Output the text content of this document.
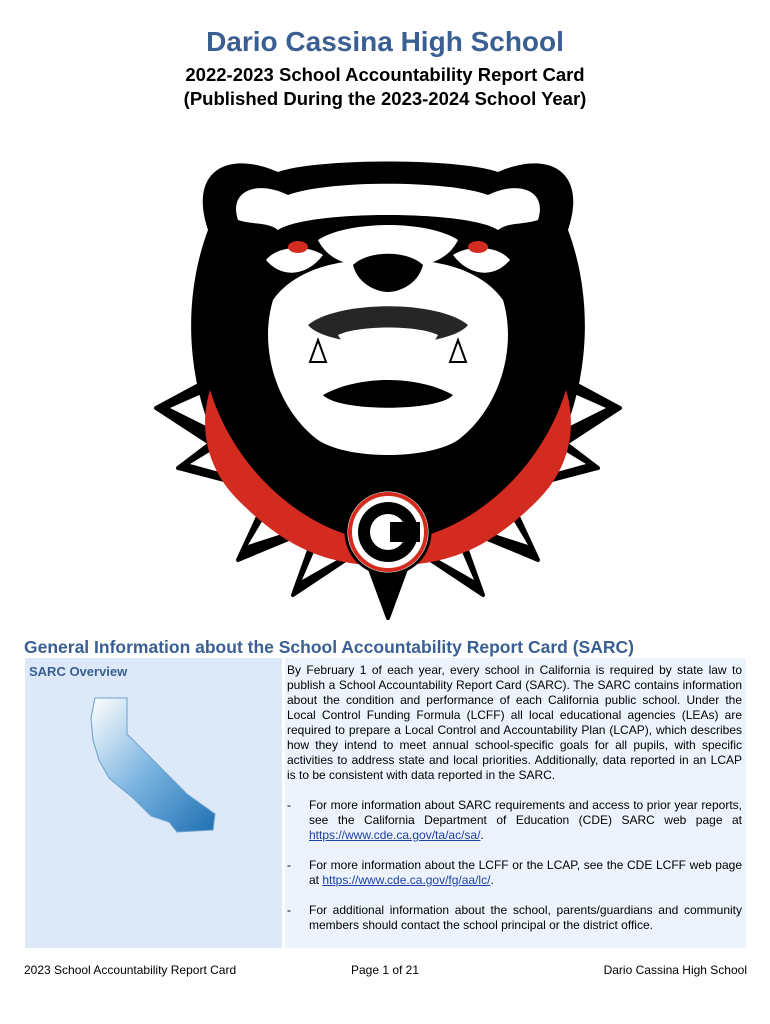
Dario Cassina High School
2022-2023 School Accountability Report Card
(Published During the 2023-2024 School Year)
General Information about the School Accountability Report Card (SARC)
SARC Overview	By February 1 of each year, every school in California is required by state law to publish a School Accountability Report Card (SARC). The SARC contains information about the condition and performance of each California public school. Under the Local Control Funding Formula (LCFF) all local educational agencies (LEAs) are required to prepare a Local Control and Accountability Plan (LCAP), which describes how they intend to meet annual school-specific goals for all pupils, with specific activities to address state and local priorities. Additionally, data reported in an LCAP is to be consistent with data reported in the SARC.
- For more information about SARC requirements and access to prior year reports, see the California Department of Education (CDE) SARC web page at https://www.cde.ca.gov/ta/ac/sa/.
- For more information about the LCFF or the LCAP, see the CDE LCFF web page at https://www.cde.ca.gov/fg/aa/lc/.
- For additional information about the school, parents/guardians and community members should contact the school principal or the district office.
2023 School Accountability Report Card	Page 1 of 21	Dario Cassina High School
